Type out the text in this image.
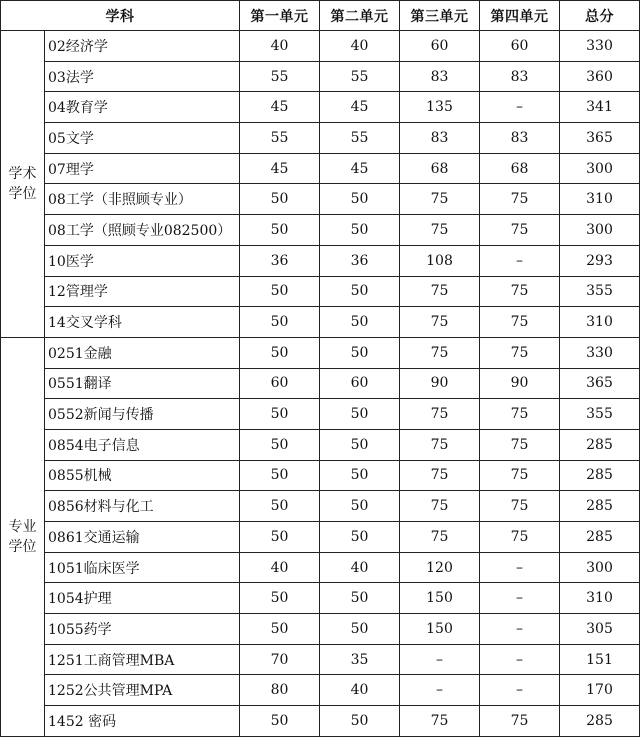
学科		第一单元	第二单元	第三单元	第四单元	总分
学术学位	02经济学	40	40	60	60	330
	03法学	55	55	83	83	360
	04教育学	45	45	135	–	341
	05文学	55	55	83	83	365
	07理学	45	45	68	68	300
	08工学（非照顾专业）	50	50	75	75	310
	08工学（照顾专业082500）	50	50	75	75	300
	10医学	36	36	108	–	293
	12管理学	50	50	75	75	355
	14交叉学科	50	50	75	75	310
专业学位	0251金融	50	50	75	75	330
	0551翻译	60	60	90	90	365
	0552新闻与传播	50	50	75	75	355
	0854电子信息	50	50	75	75	285
	0855机械	50	50	75	75	285
	0856材料与化工	50	50	75	75	285
	0861交通运输	50	50	75	75	285
	1051临床医学	40	40	120	–	300
	1054护理	50	50	150	–	310
	1055药学	50	50	150	–	305
	1251工商管理MBA	70	35	–	–	151
	1252公共管理MPA	80	40	–	–	170
	1452 密码	50	50	75	75	285
